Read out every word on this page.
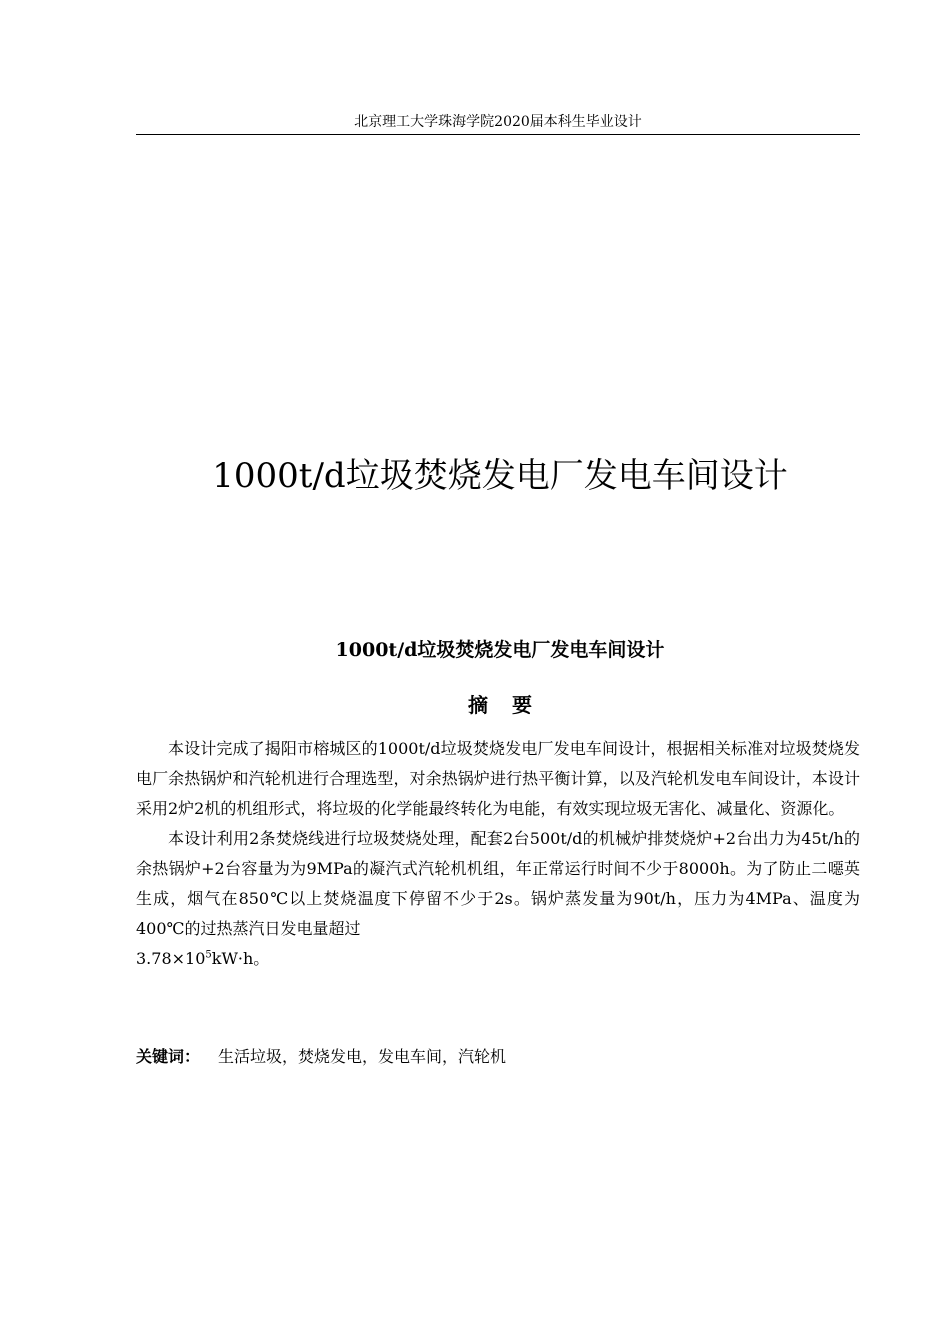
北京理工大学珠海学院2020届本科生毕业设计
1000t/d垃圾焚烧发电厂发电车间设计
1000t/d垃圾焚烧发电厂发电车间设计
摘要

本设计完成了揭阳市榕城区的1000t/d垃圾焚烧发电厂发电车间设计，根据相关标准对垃圾焚烧发电厂余热锅炉和汽轮机进行合理选型，对余热锅炉进行热平衡计算，以及汽轮机发电车间设计，本设计采用2炉2机的机组形式，将垃圾的化学能最终转化为电能，有效实现垃圾无害化、减量化、资源化。

本设计利用2条焚烧线进行垃圾焚烧处理，配套2台500t/d的机械炉排焚烧炉+2台出力为45t/h的余热锅炉+2台容量为为9MPa的凝汽式汽轮机机组，年正常运行时间不少于8000h。为了防止二噁英生成，烟气在850℃以上焚烧温度下停留不少于2s。锅炉蒸发量为90t/h，压力为4MPa、温度为400℃的过热蒸汽日发电量超过

$3.78\times 10^5kW\cdot h$。

关键词： 生活垃圾，焚烧发电，发电车间，汽轮机
